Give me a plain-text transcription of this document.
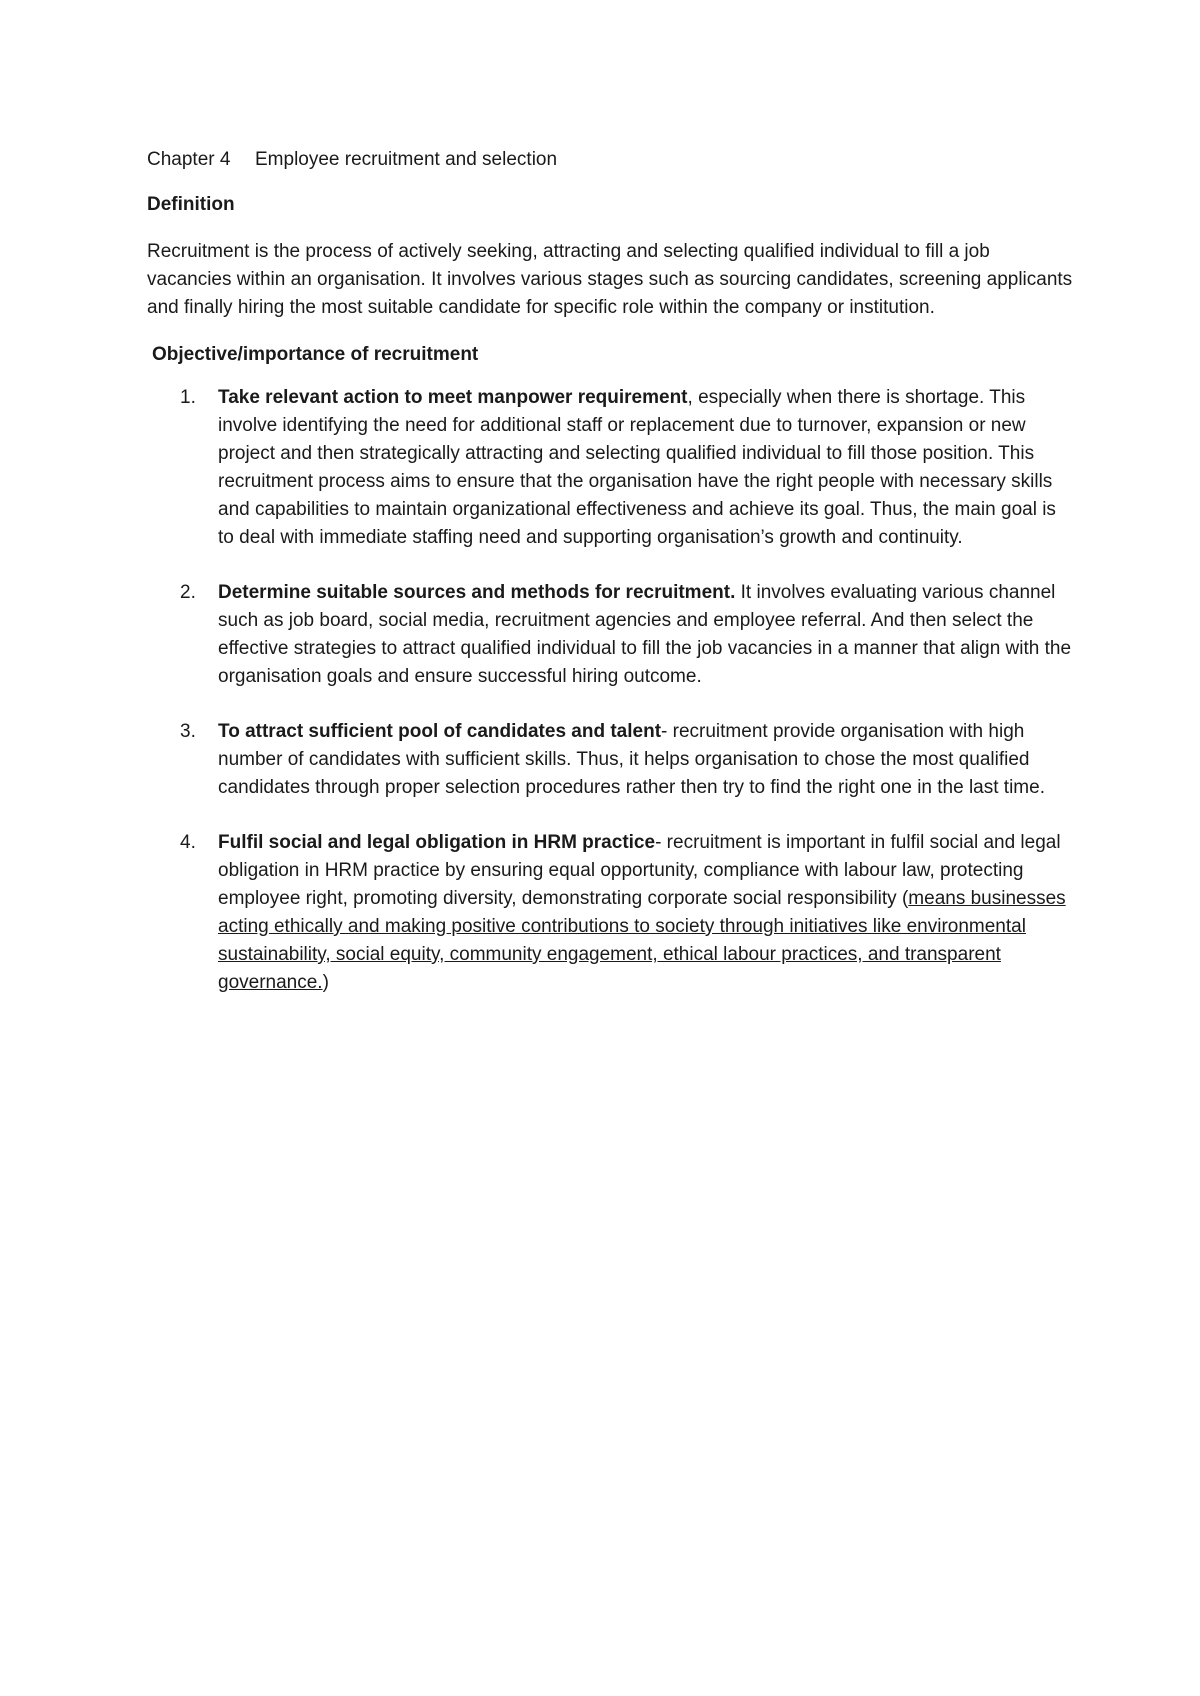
Chapter 4 Employee recruitment and selection
Definition
Recruitment is the process of actively seeking, attracting and selecting qualified individual to fill a job vacancies within an organisation. It involves various stages such as sourcing candidates, screening applicants and finally hiring the most suitable candidate for specific role within the company or institution.
Objective/importance of recruitment
1. Take relevant action to meet manpower requirement, especially when there is shortage. This involve identifying the need for additional staff or replacement due to turnover, expansion or new project and then strategically attracting and selecting qualified individual to fill those position. This recruitment process aims to ensure that the organisation have the right people with necessary skills and capabilities to maintain organizational effectiveness and achieve its goal. Thus, the main goal is to deal with immediate staffing need and supporting organisation’s growth and continuity.
2. Determine suitable sources and methods for recruitment. It involves evaluating various channel such as job board, social media, recruitment agencies and employee referral. And then select the effective strategies to attract qualified individual to fill the job vacancies in a manner that align with the organisation goals and ensure successful hiring outcome.
3. To attract sufficient pool of candidates and talent- recruitment provide organisation with high number of candidates with sufficient skills. Thus, it helps organisation to chose the most qualified candidates through proper selection procedures rather then try to find the right one in the last time.
4. Fulfil social and legal obligation in HRM practice- recruitment is important in fulfil social and legal obligation in HRM practice by ensuring equal opportunity, compliance with labour law, protecting employee right, promoting diversity, demonstrating corporate social responsibility (means businesses acting ethically and making positive contributions to society through initiatives like environmental sustainability, social equity, community engagement, ethical labour practices, and transparent governance.)
